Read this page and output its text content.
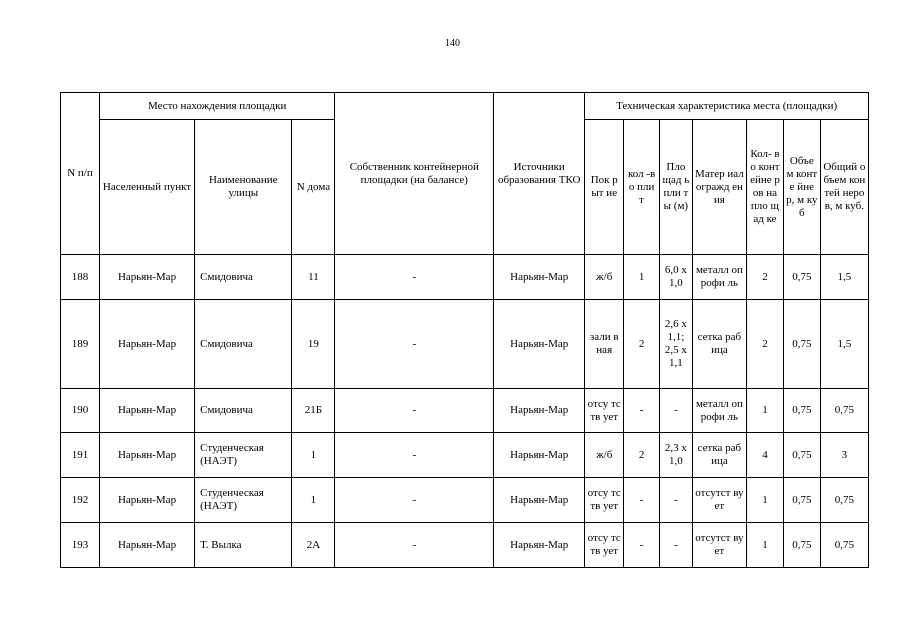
140
N п/п	Место нахождения площадки			Собственник контейнерной площадки (на балансе)	Источники образования ТКО	Техническая характеристика места (площадки)						
	Населенный пункт	Наименование улицы	N дома			Пок рыт ие	кол -во пли т	Пло щад ь пли ты (м)	Матер иал огражд ения	Кол- во конт ейне ров на пло щад ке	Объе м конте йнер, м куб	Общий объем контей неров, м куб.
188	Нарьян-Мар	Смидовича	11	-	Нарьян-Мар	ж/б	1	6,0 х 1,0	металл опрофи ль	2	0,75	1,5
189	Нарьян-Мар	Смидовича	19	-	Нарьян-Мар	зали вная	2	2,6 х 1,1; 2,5 х 1,1	сетка рабица	2	0,75	1,5
190	Нарьян-Мар	Смидовича	21Б	-	Нарьян-Мар	отсу тств ует	-	-	металл опрофи ль	1	0,75	0,75
191	Нарьян-Мар	Студенческая (НАЭТ)	1	-	Нарьян-Мар	ж/б	2	2,3 х 1,0	сетка рабица	4	0,75	3
192	Нарьян-Мар	Студенческая (НАЭТ)	1	-	Нарьян-Мар	отсу тств ует	-	-	отсутст вует	1	0,75	0,75
193	Нарьян-Мар	Т. Вылка	2А	-	Нарьян-Мар	отсу тств ует	-	-	отсутст вует	1	0,75	0,75
